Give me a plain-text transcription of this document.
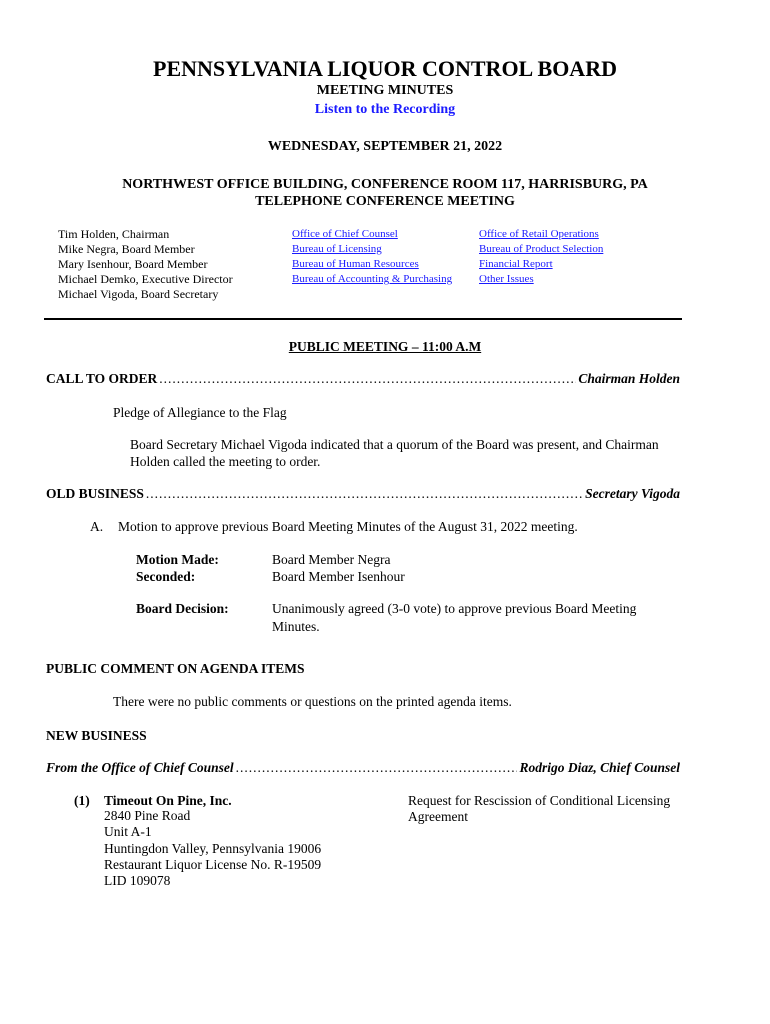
PENNSYLVANIA LIQUOR CONTROL BOARD
MEETING MINUTES
Listen to the Recording
WEDNESDAY, SEPTEMBER 21, 2022
NORTHWEST OFFICE BUILDING, CONFERENCE ROOM 117, HARRISBURG, PA
TELEPHONE CONFERENCE MEETING
Tim Holden, Chairman
Mike Negra, Board Member
Mary Isenhour, Board Member
Michael Demko, Executive Director
Michael Vigoda, Board Secretary
Office of Chief Counsel
Bureau of Licensing
Bureau of Human Resources
Bureau of Accounting & Purchasing
Office of Retail Operations
Bureau of Product Selection
Financial Report
Other Issues
PUBLIC MEETING – 11:00 A.M
CALL TO ORDER .....	Chairman Holden
Pledge of Allegiance to the Flag
Board Secretary Michael Vigoda indicated that a quorum of the Board was present, and Chairman
Holden called the meeting to order.
OLD BUSINESS .....	Secretary Vigoda
A. Motion to approve previous Board Meeting Minutes of the August 31, 2022 meeting.
Motion Made:	Board Member Negra
Seconded:	Board Member Isenhour
Board Decision:	Unanimously agreed (3-0 vote) to approve previous Board Meeting
Minutes.
PUBLIC COMMENT ON AGENDA ITEMS
There were no public comments or questions on the printed agenda items.
NEW BUSINESS
From the Office of Chief Counsel .....	Rodrigo Diaz, Chief Counsel
(1) Timeout On Pine, Inc.
2840 Pine Road
Unit A-1
Huntingdon Valley, Pennsylvania 19006
Restaurant Liquor License No. R-19509
LID 109078
Request for Rescission of Conditional Licensing
Agreement
